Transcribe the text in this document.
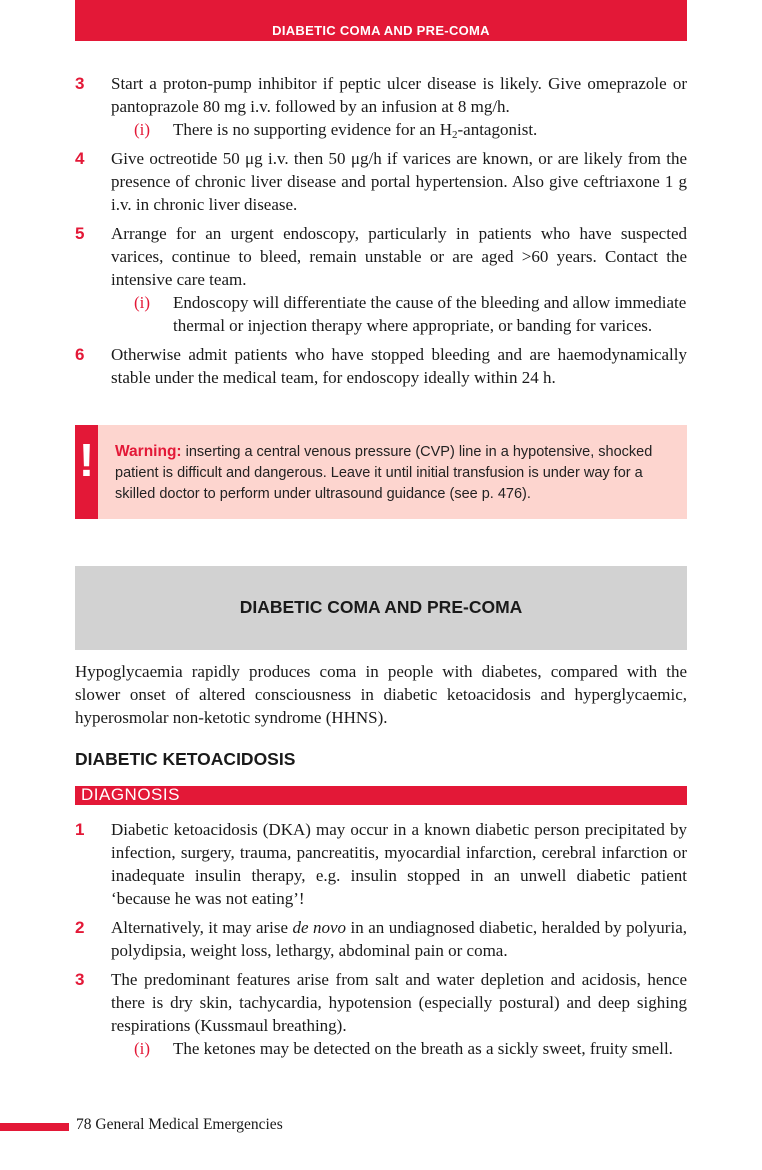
DIABETIC COMA AND PRE-COMA
3 Start a proton-pump inhibitor if peptic ulcer disease is likely. Give omeprazole or pantoprazole 80 mg i.v. followed by an infusion at 8 mg/h.
(i) There is no supporting evidence for an $H_2$-antagonist.
4 Give octreotide 50 μg i.v. then 50 μg/h if varices are known, or are likely from the presence of chronic liver disease and portal hypertension. Also give ceftriaxone 1 g i.v. in chronic liver disease.
5 Arrange for an urgent endoscopy, particularly in patients who have suspected varices, continue to bleed, remain unstable or are aged >60 years. Contact the intensive care team.
(i) Endoscopy will differentiate the cause of the bleeding and allow immediate thermal or injection therapy where appropriate, or banding for varices.
6 Otherwise admit patients who have stopped bleeding and are haemodynamically stable under the medical team, for endoscopy ideally within 24 h.
! Warning: inserting a central venous pressure (CVP) line in a hypotensive, shocked patient is difficult and dangerous. Leave it until initial transfusion is under way for a skilled doctor to perform under ultrasound guidance (see p. 476).
DIABETIC COMA AND PRE-COMA
Hypoglycaemia rapidly produces coma in people with diabetes, compared with the slower onset of altered consciousness in diabetic ketoacidosis and hyperglycaemic, hyperosmolar non-ketotic syndrome (HHNS).
DIABETIC KETOACIDOSIS
DIAGNOSIS
1 Diabetic ketoacidosis (DKA) may occur in a known diabetic person precipitated by infection, surgery, trauma, pancreatitis, myocardial infarction, cerebral infarction or inadequate insulin therapy, e.g. insulin stopped in an unwell diabetic patient ‘because he was not eating’!
2 Alternatively, it may arise de novo in an undiagnosed diabetic, heralded by polyuria, polydipsia, weight loss, lethargy, abdominal pain or coma.
3 The predominant features arise from salt and water depletion and acidosis, hence there is dry skin, tachycardia, hypotension (especially postural) and deep sighing respirations (Kussmaul breathing).
(i) The ketones may be detected on the breath as a sickly sweet, fruity smell.
78 General Medical Emergencies
